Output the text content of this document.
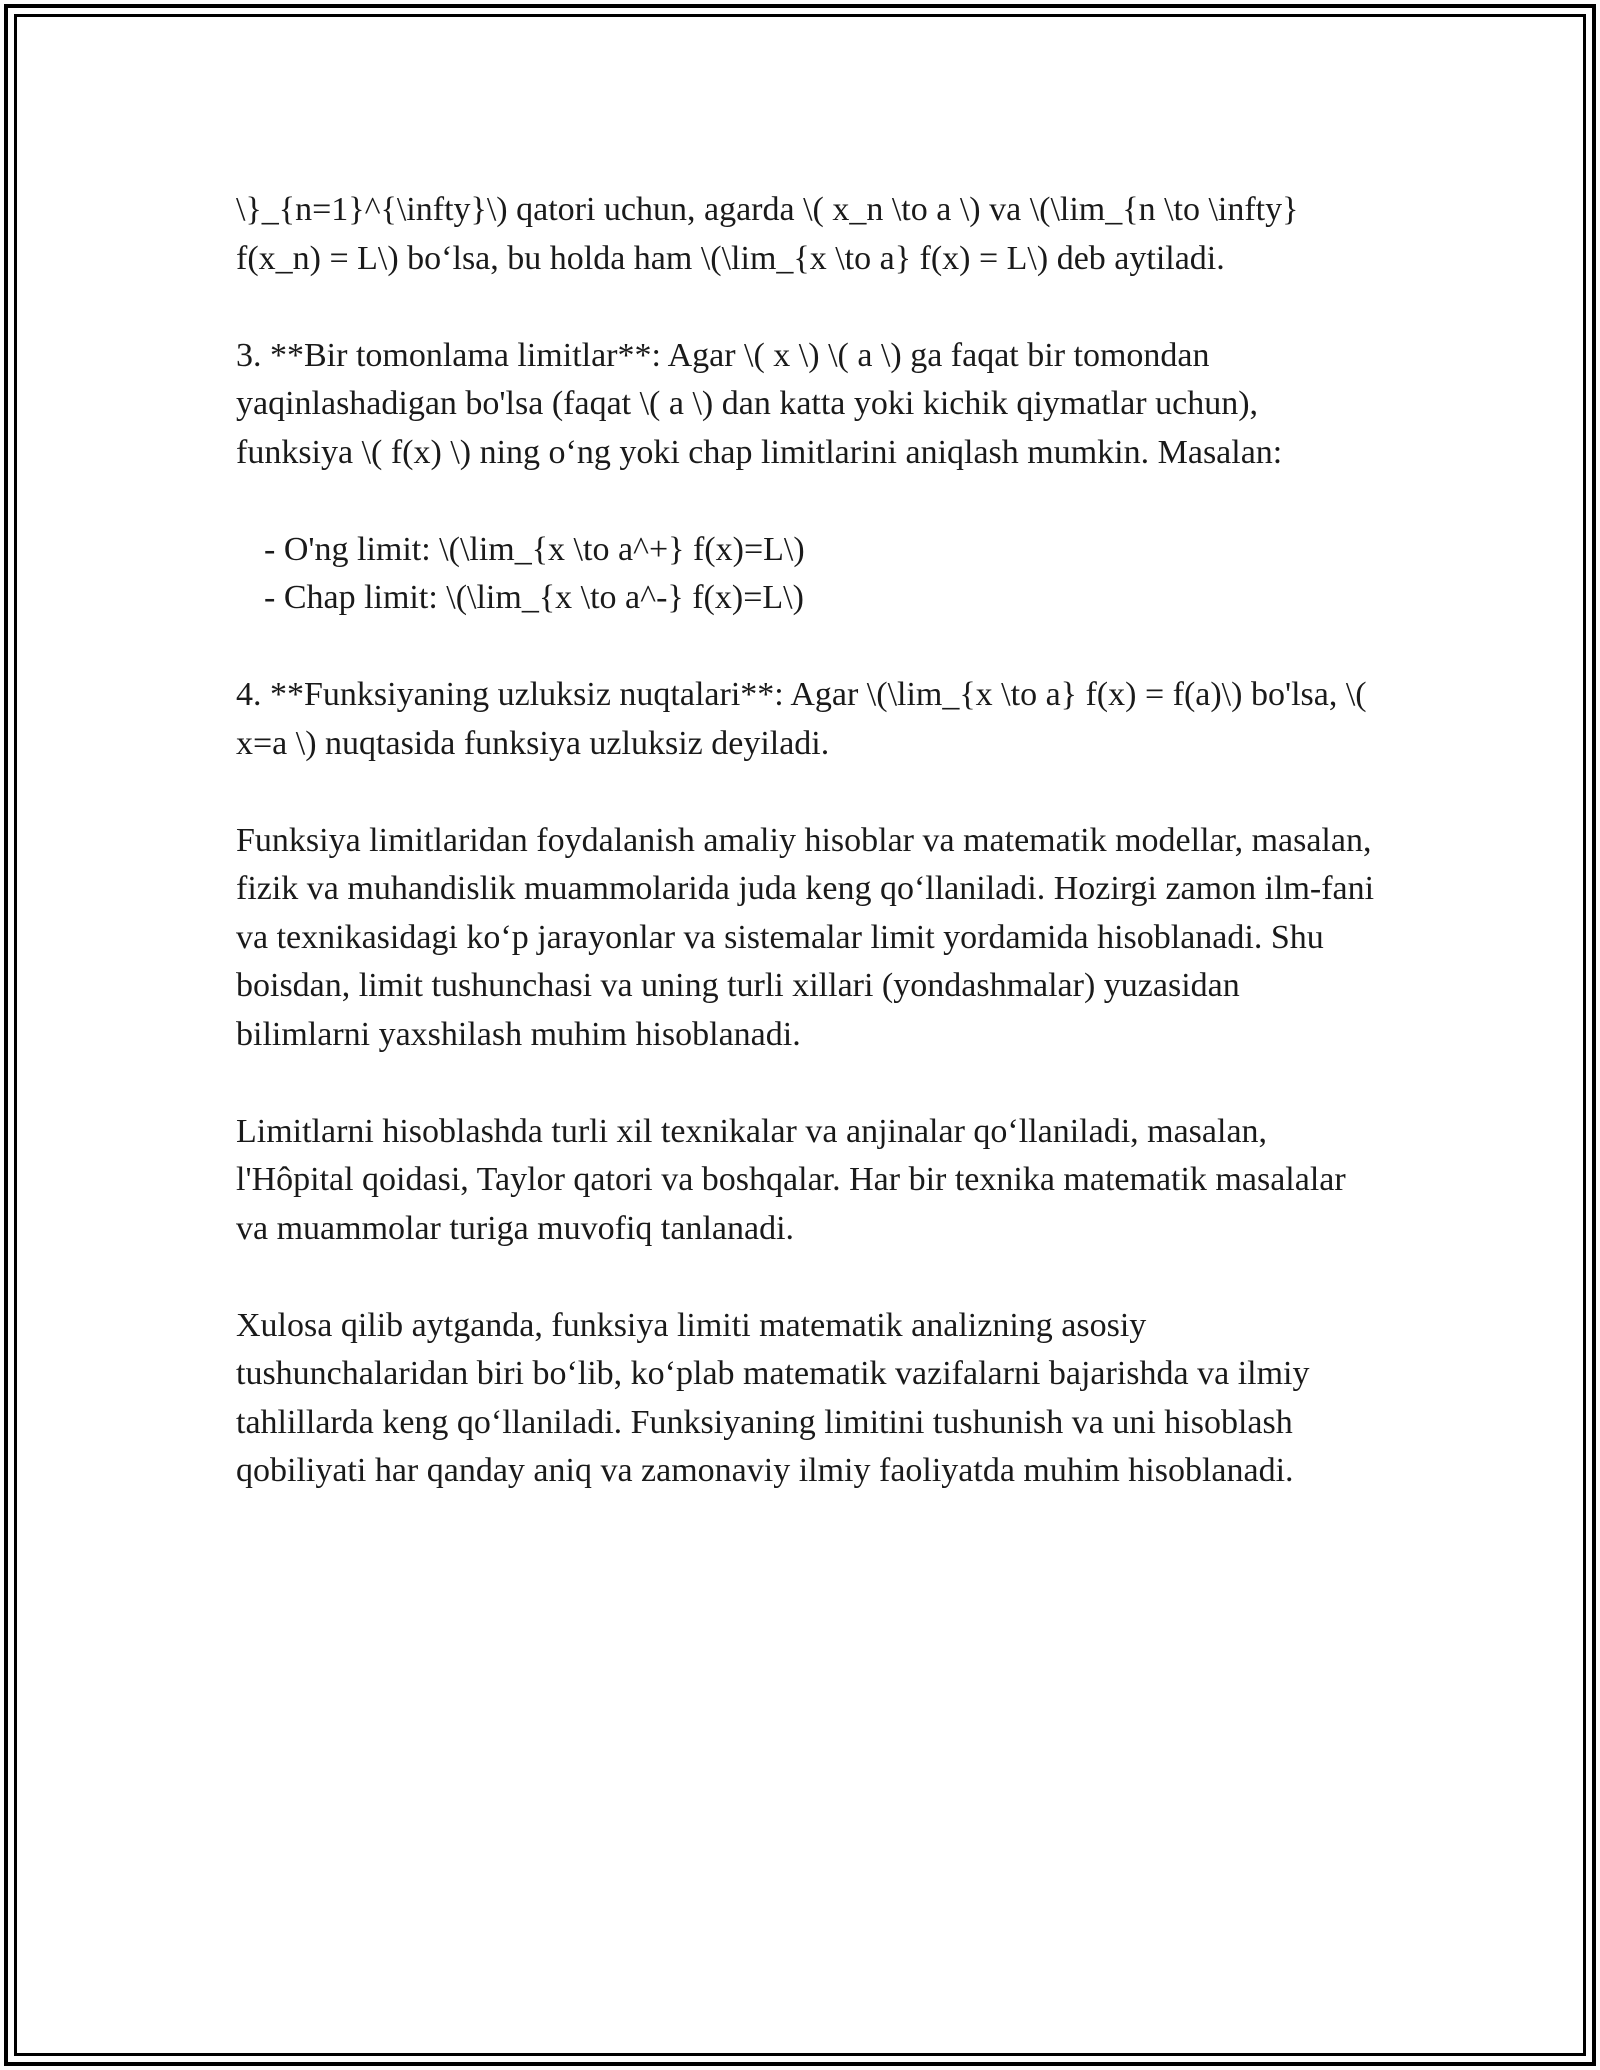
\}_{n=1}^{\infty}\) qatori uchun, agarda \( x_n \to a \) va \(\lim_{n \to \infty} f(x_n) = L\) bo‘lsa, bu holda ham \(\lim_{x \to a} f(x) = L\) deb aytiladi.

3. **Bir tomonlama limitlar**: Agar \( x \) \( a \) ga faqat bir tomondan yaqinlashadigan bo'lsa (faqat \( a \) dan katta yoki kichik qiymatlar uchun), funksiya \( f(x) \) ning o‘ng yoki chap limitlarini aniqlash mumkin. Masalan:

- O'ng limit: \(\lim_{x \to a^+} f(x)=L\)

- Chap limit: \(\lim_{x \to a^-} f(x)=L\)

4. **Funksiyaning uzluksiz nuqtalari**: Agar \(\lim_{x \to a} f(x) = f(a)\) bo'lsa, \( x=a \) nuqtasida funksiya uzluksiz deyiladi.

Funksiya limitlaridan foydalanish amaliy hisoblar va matematik modellar, masalan, fizik va muhandislik muammolarida juda keng qo‘llaniladi. Hozirgi zamon ilm-fani va texnikasidagi ko‘p jarayonlar va sistemalar limit yordamida hisoblanadi. Shu boisdan, limit tushunchasi va uning turli xillari (yondashmalar) yuzasidan bilimlarni yaxshilash muhim hisoblanadi.

Limitlarni hisoblashda turli xil texnikalar va anjinalar qo‘llaniladi, masalan, l'Hôpital qoidasi, Taylor qatori va boshqalar. Har bir texnika matematik masalalar va muammolar turiga muvofiq tanlanadi.

Xulosa qilib aytganda, funksiya limiti matematik analizning asosiy tushunchalaridan biri bo‘lib, ko‘plab matematik vazifalarni bajarishda va ilmiy tahlillarda keng qo‘llaniladi. Funksiyaning limitini tushunish va uni hisoblash qobiliyati har qanday aniq va zamonaviy ilmiy faoliyatda muhim hisoblanadi.
